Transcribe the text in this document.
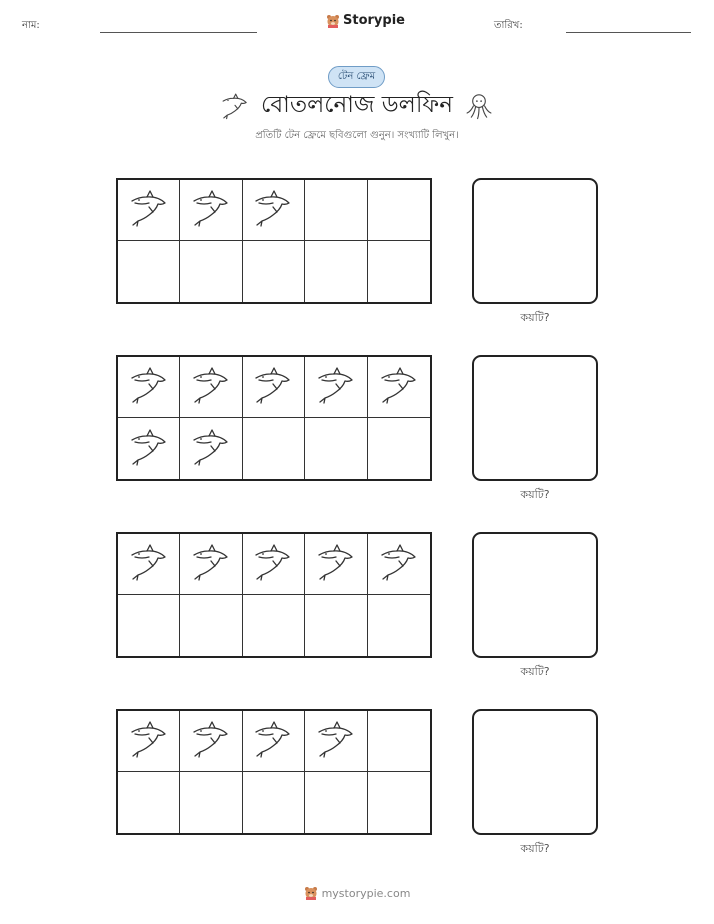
নাম:	Storypie	তারিখ:
টেন ফ্রেম
বোতলনোজ ডলফিন
প্রতিটি টেন ফ্রেমে ছবিগুলো গুনুন। সংখ্যাটি লিখুন।
কয়টি?
কয়টি?
কয়টি?
কয়টি?
mystorypie.com
